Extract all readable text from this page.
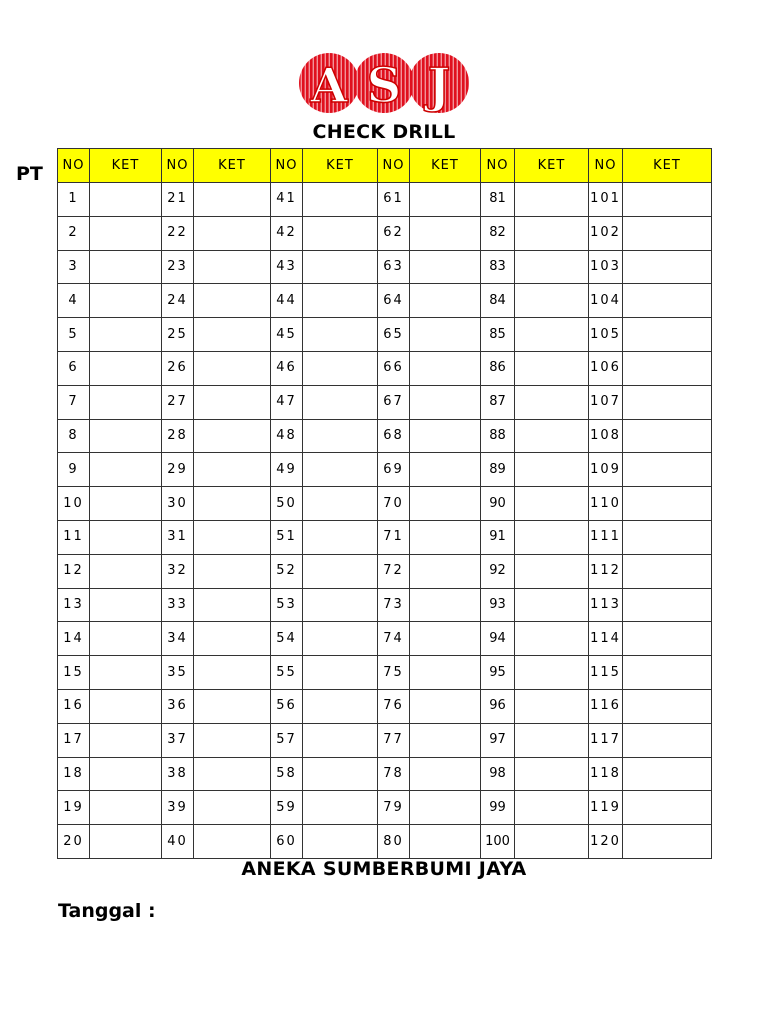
A S J
CHECK DRILL
PT NO	KET	NO	KET	NO	KET	NO	KET	NO	KET	NO	KET
1		21		41		61		81		101	
2		22		42		62		82		102	
3		23		43		63		83		103	
4		24		44		64		84		104	
5		25		45		65		85		105	
6		26		46		66		86		106	
7		27		47		67		87		107	
8		28		48		68		88		108	
9		29		49		69		89		109	
10		30		50		70		90		110	
11		31		51		71		91		111	
12		32		52		72		92		112	
13		33		53		73		93		113	
14		34		54		74		94		114	
15		35		55		75		95		115	
16		36		56		76		96		116	
17		37		57		77		97		117	
18		38		58		78		98		118	
19		39		59		79		99		119	
20		40		60		80		100		120	
ANEKA SUMBERBUMI JAYA
Tanggal :
